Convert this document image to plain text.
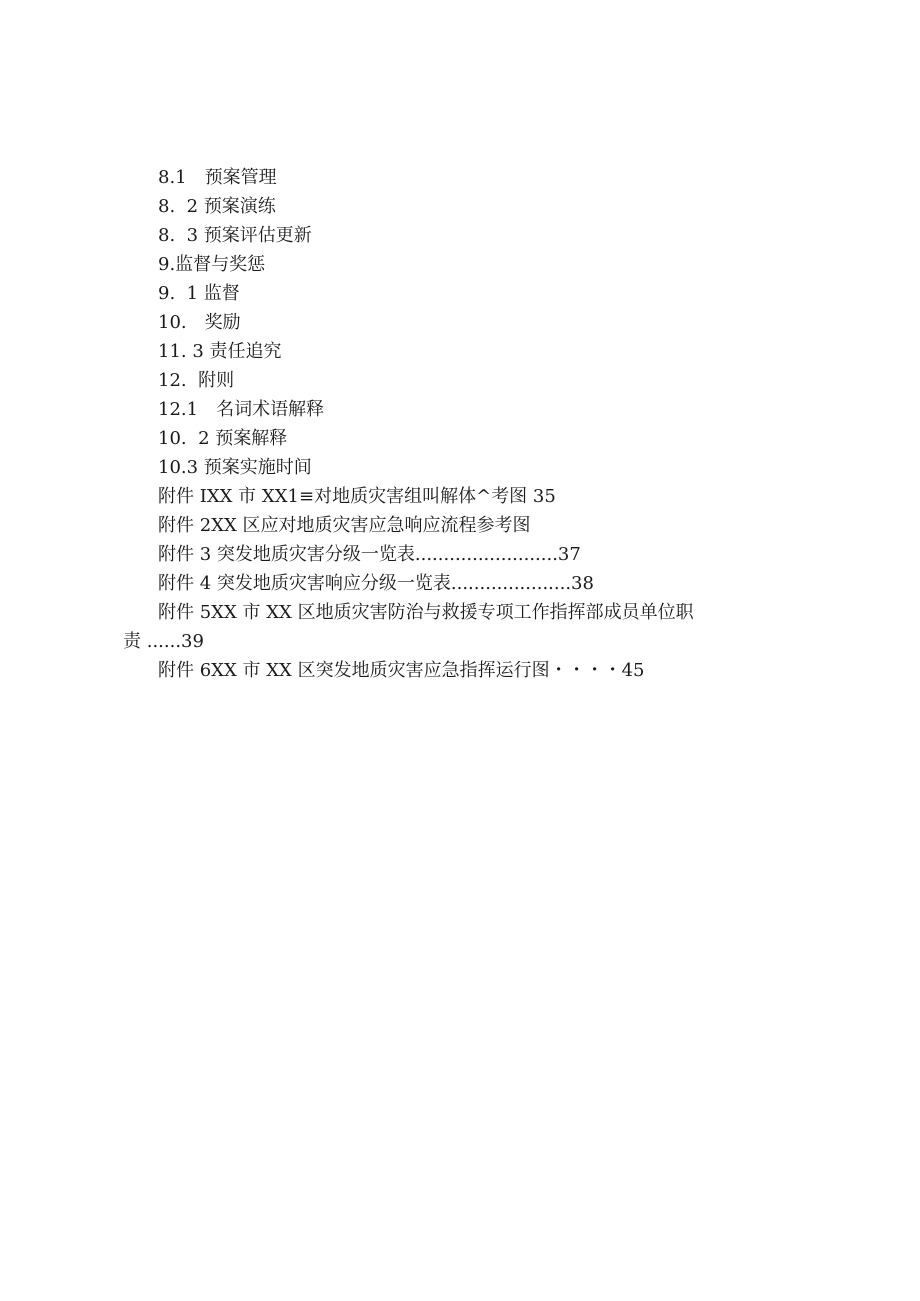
8.1　预案管理
8.  2 预案演练
8.  3 预案评估更新
9.监督与奖惩
9.  1 监督
10.　奖励
11. 3 责任追究
12.  附则
12.1　名词术语解释
10.  2 预案解释
10.3 预案实施时间
附件 IXX 市 XX1≡对地质灾害组叫解体^考图 35
附件 2XX 区应对地质灾害应急响应流程参考图
附件 3 突发地质灾害分级一览表.........................37
附件 4 突发地质灾害响应分级一览表.....................38
附件 5XX 市 XX 区地质灾害防治与救援专项工作指挥部成员单位职
责 ......39
附件 6XX 市 XX 区突发地质灾害应急指挥运行图・・・・45
